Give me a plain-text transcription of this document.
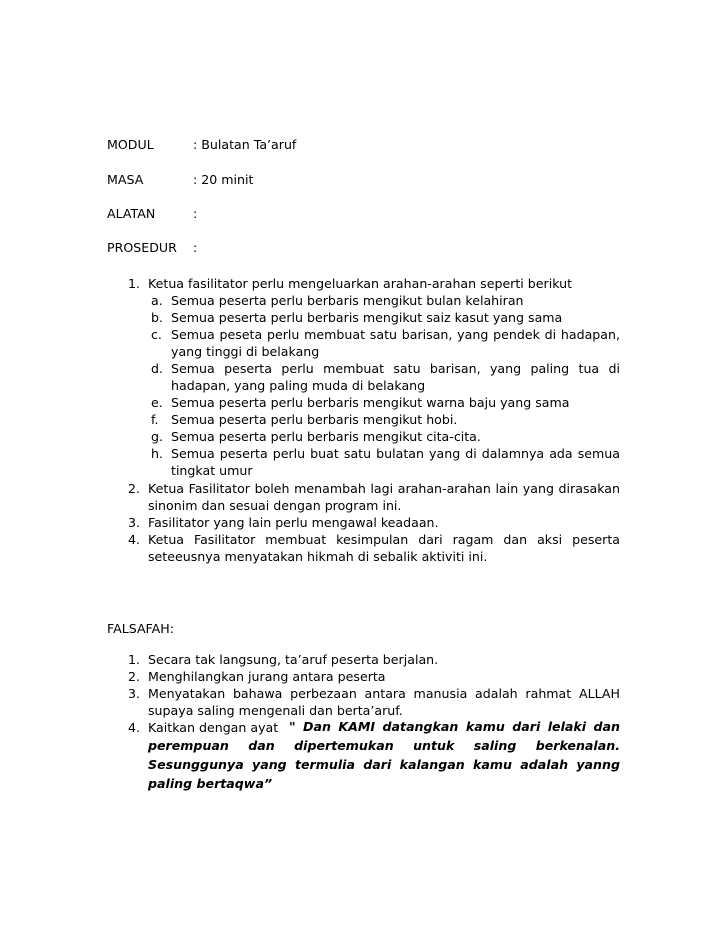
MODUL	: Bulatan Ta’aruf
MASA	: 20 minit
ALATAN	:
PROSEDUR :
1. Ketua fasilitator perlu mengeluarkan arahan-arahan seperti berikut
a. Semua peserta perlu berbaris mengikut bulan kelahiran
b. Semua peserta perlu berbaris mengikut saiz kasut yang sama
c. Semua peseta perlu membuat satu barisan, yang pendek di hadapan,
yang tinggi di belakang
d. Semua peserta perlu membuat satu barisan, yang paling tua di
hadapan, yang paling muda di belakang
e. Semua peserta perlu berbaris mengikut warna baju yang sama
f. Semua peserta perlu berbaris mengikut hobi.
g. Semua peserta perlu berbaris mengikut cita-cita.
h. Semua peserta perlu buat satu bulatan yang di dalamnya ada semua
tingkat umur
2. Ketua Fasilitator boleh menambah lagi arahan-arahan lain yang dirasakan
sinonim dan sesuai dengan program ini.
3. Fasilitator yang lain perlu mengawal keadaan.
4. Ketua Fasilitator membuat kesimpulan dari ragam dan aksi peserta
seteeusnya menyatakan hikmah di sebalik aktiviti ini.
FALSAFAH:
1. Secara tak langsung, ta’aruf peserta berjalan.
2. Menghilangkan jurang antara peserta
3. Menyatakan bahawa perbezaan antara manusia adalah rahmat ALLAH
supaya saling mengenali dan berta’aruf.
4. Kaitkan dengan ayat " Dan KAMI datangkan kamu dari lelaki dan
perempuan dan dipertemukan untuk saling berkenalan.
Sesunggunya yang termulia dari kalangan kamu adalah yanng
paling bertaqwa”
